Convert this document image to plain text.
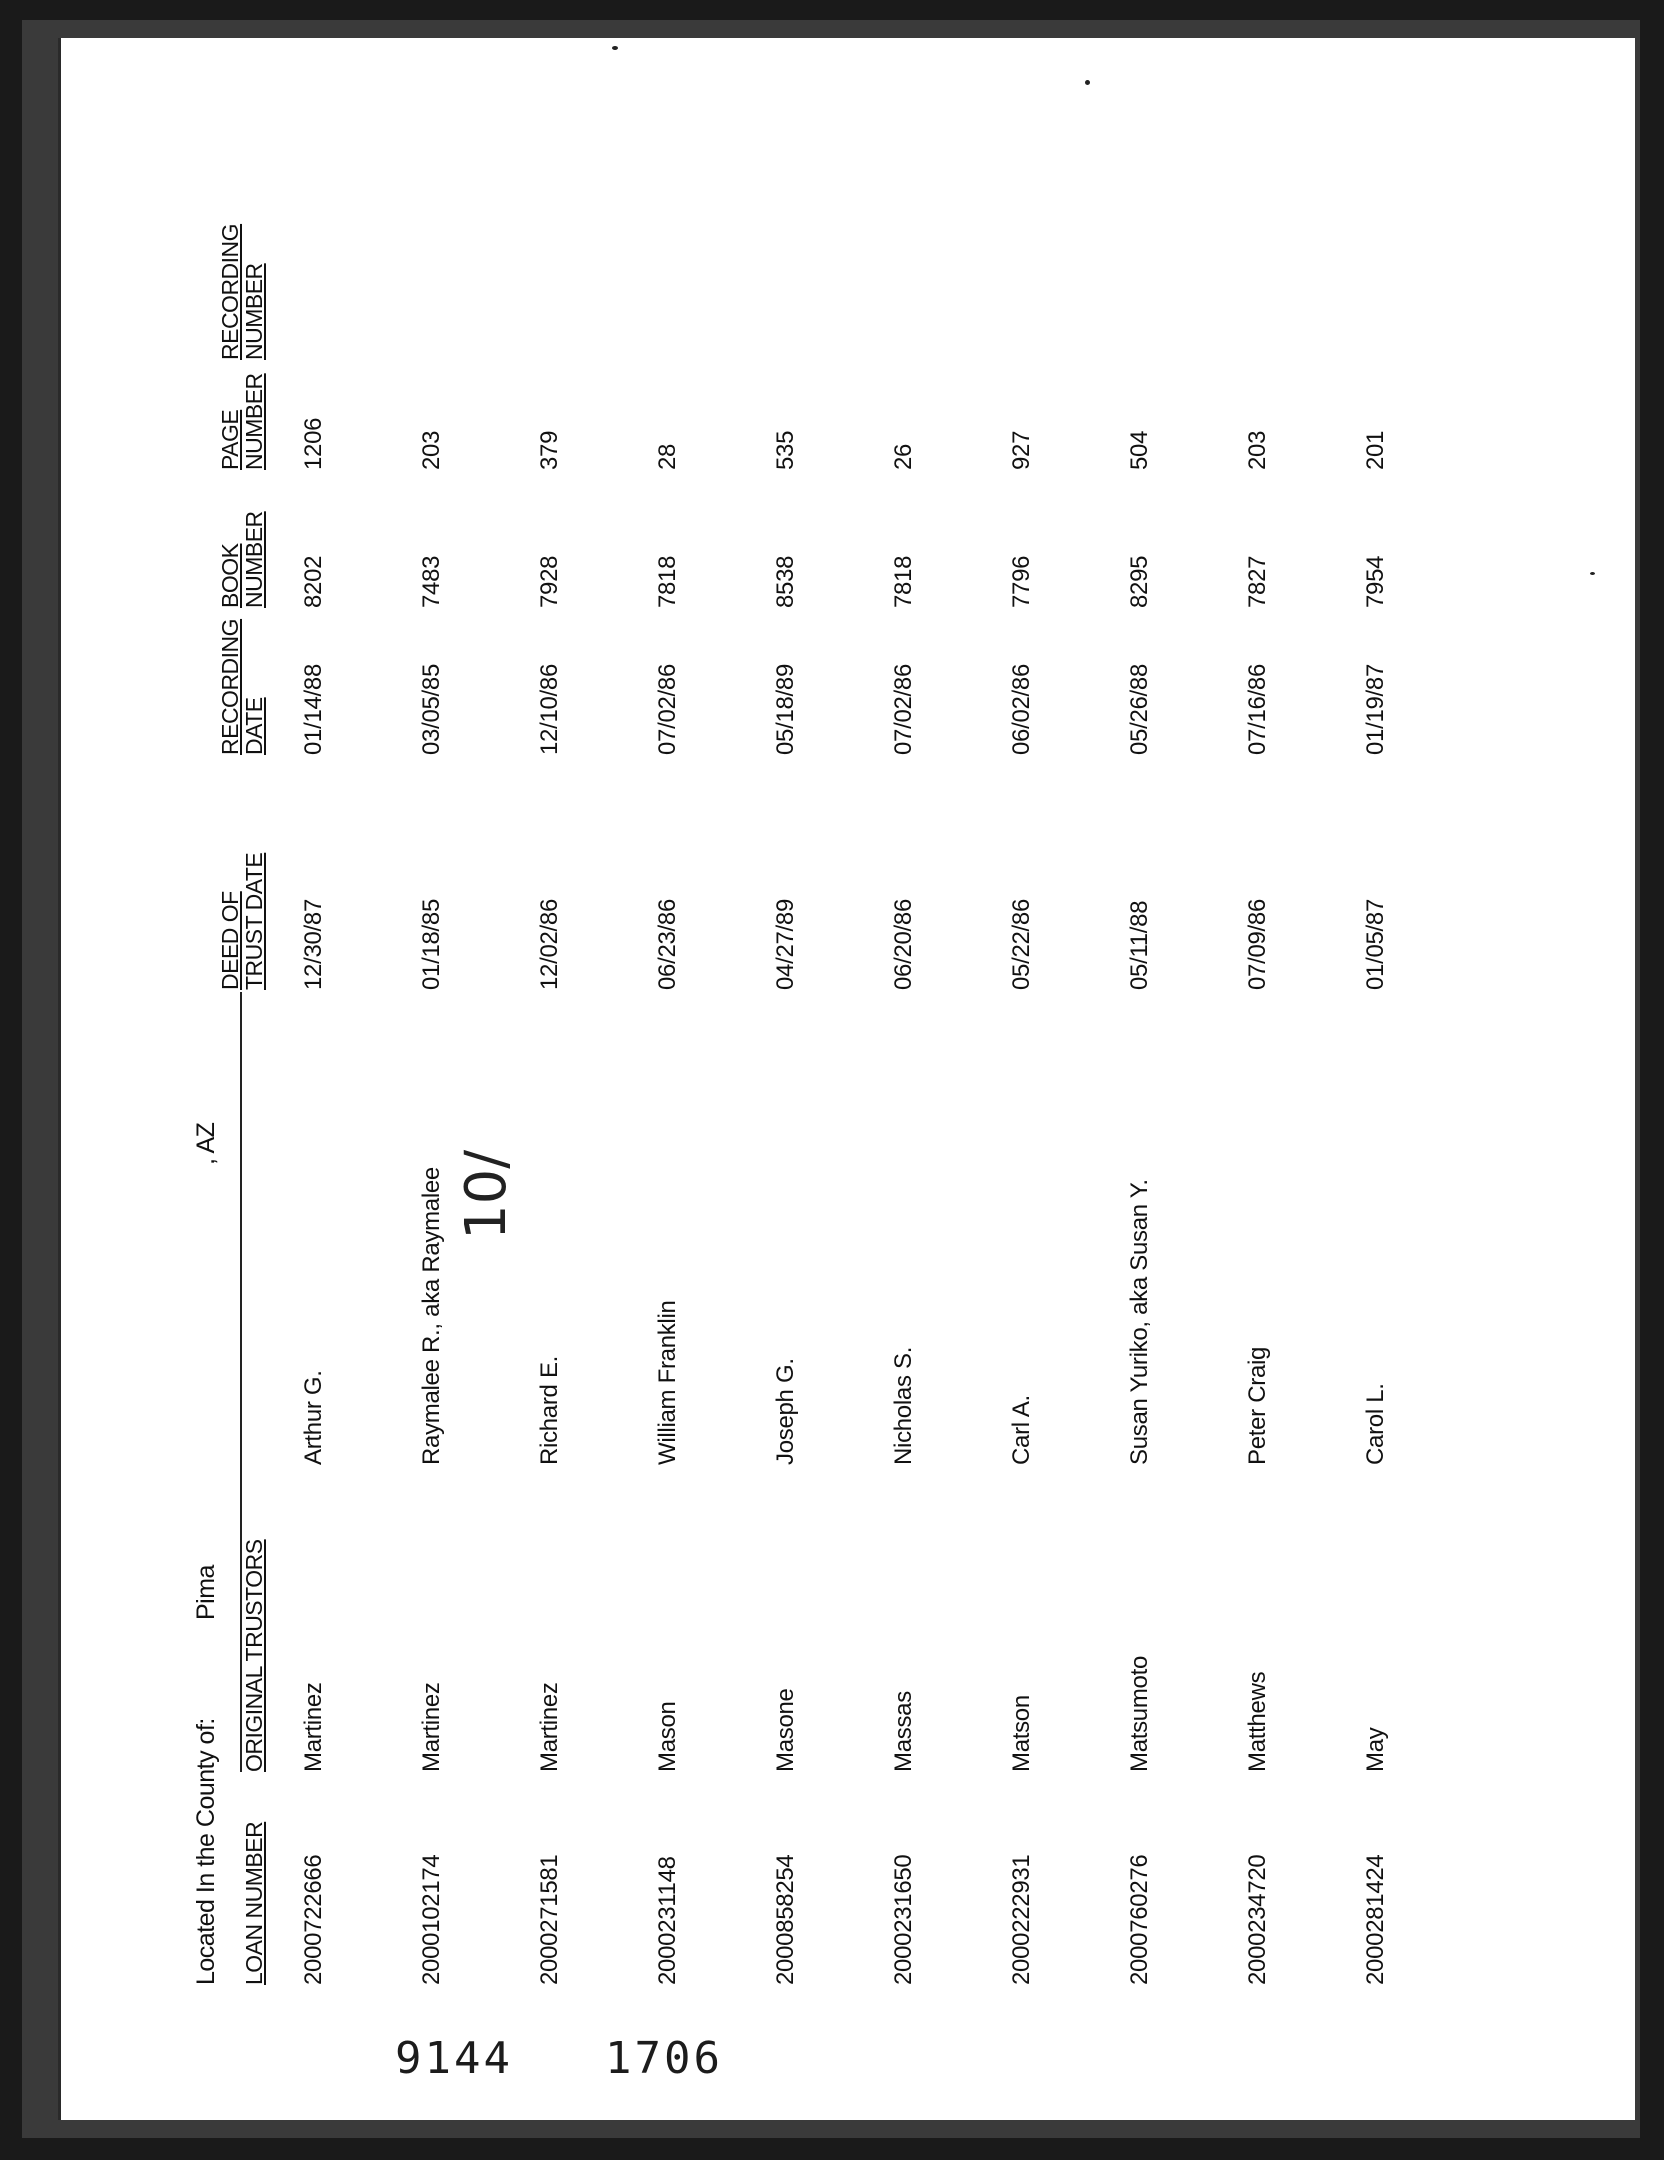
Located In the County of:
Pima
, AZ
LOAN NUMBER
ORIGINAL TRUSTORS
DEED OF
TRUST DATE
RECORDING
DATE
BOOK
NUMBER
PAGE
NUMBER
RECORDING
NUMBER
2000722666
Martinez
Arthur G.
12/30/87
01/14/88
8202
1206
2000102174
Martinez
Raymalee R., aka Raymalee
01/18/85
03/05/85
7483
203
2000271581
Martinez
Richard E.
12/02/86
12/10/86
7928
379
2000231148
Mason
William Franklin
06/23/86
07/02/86
7818
28
2000858254
Masone
Joseph G.
04/27/89
05/18/89
8538
535
2000231650
Massas
Nicholas S.
06/20/86
07/02/86
7818
26
2000222931
Matson
Carl A.
05/22/86
06/02/86
7796
927
2000760276
Matsumoto
Susan Yuriko, aka Susan Y.
05/11/88
05/26/88
8295
504
2000234720
Matthews
Peter Craig
07/09/86
07/16/86
7827
203
2000281424
May
Carol L.
01/05/87
01/19/87
7954
201
10/
9144 1706
